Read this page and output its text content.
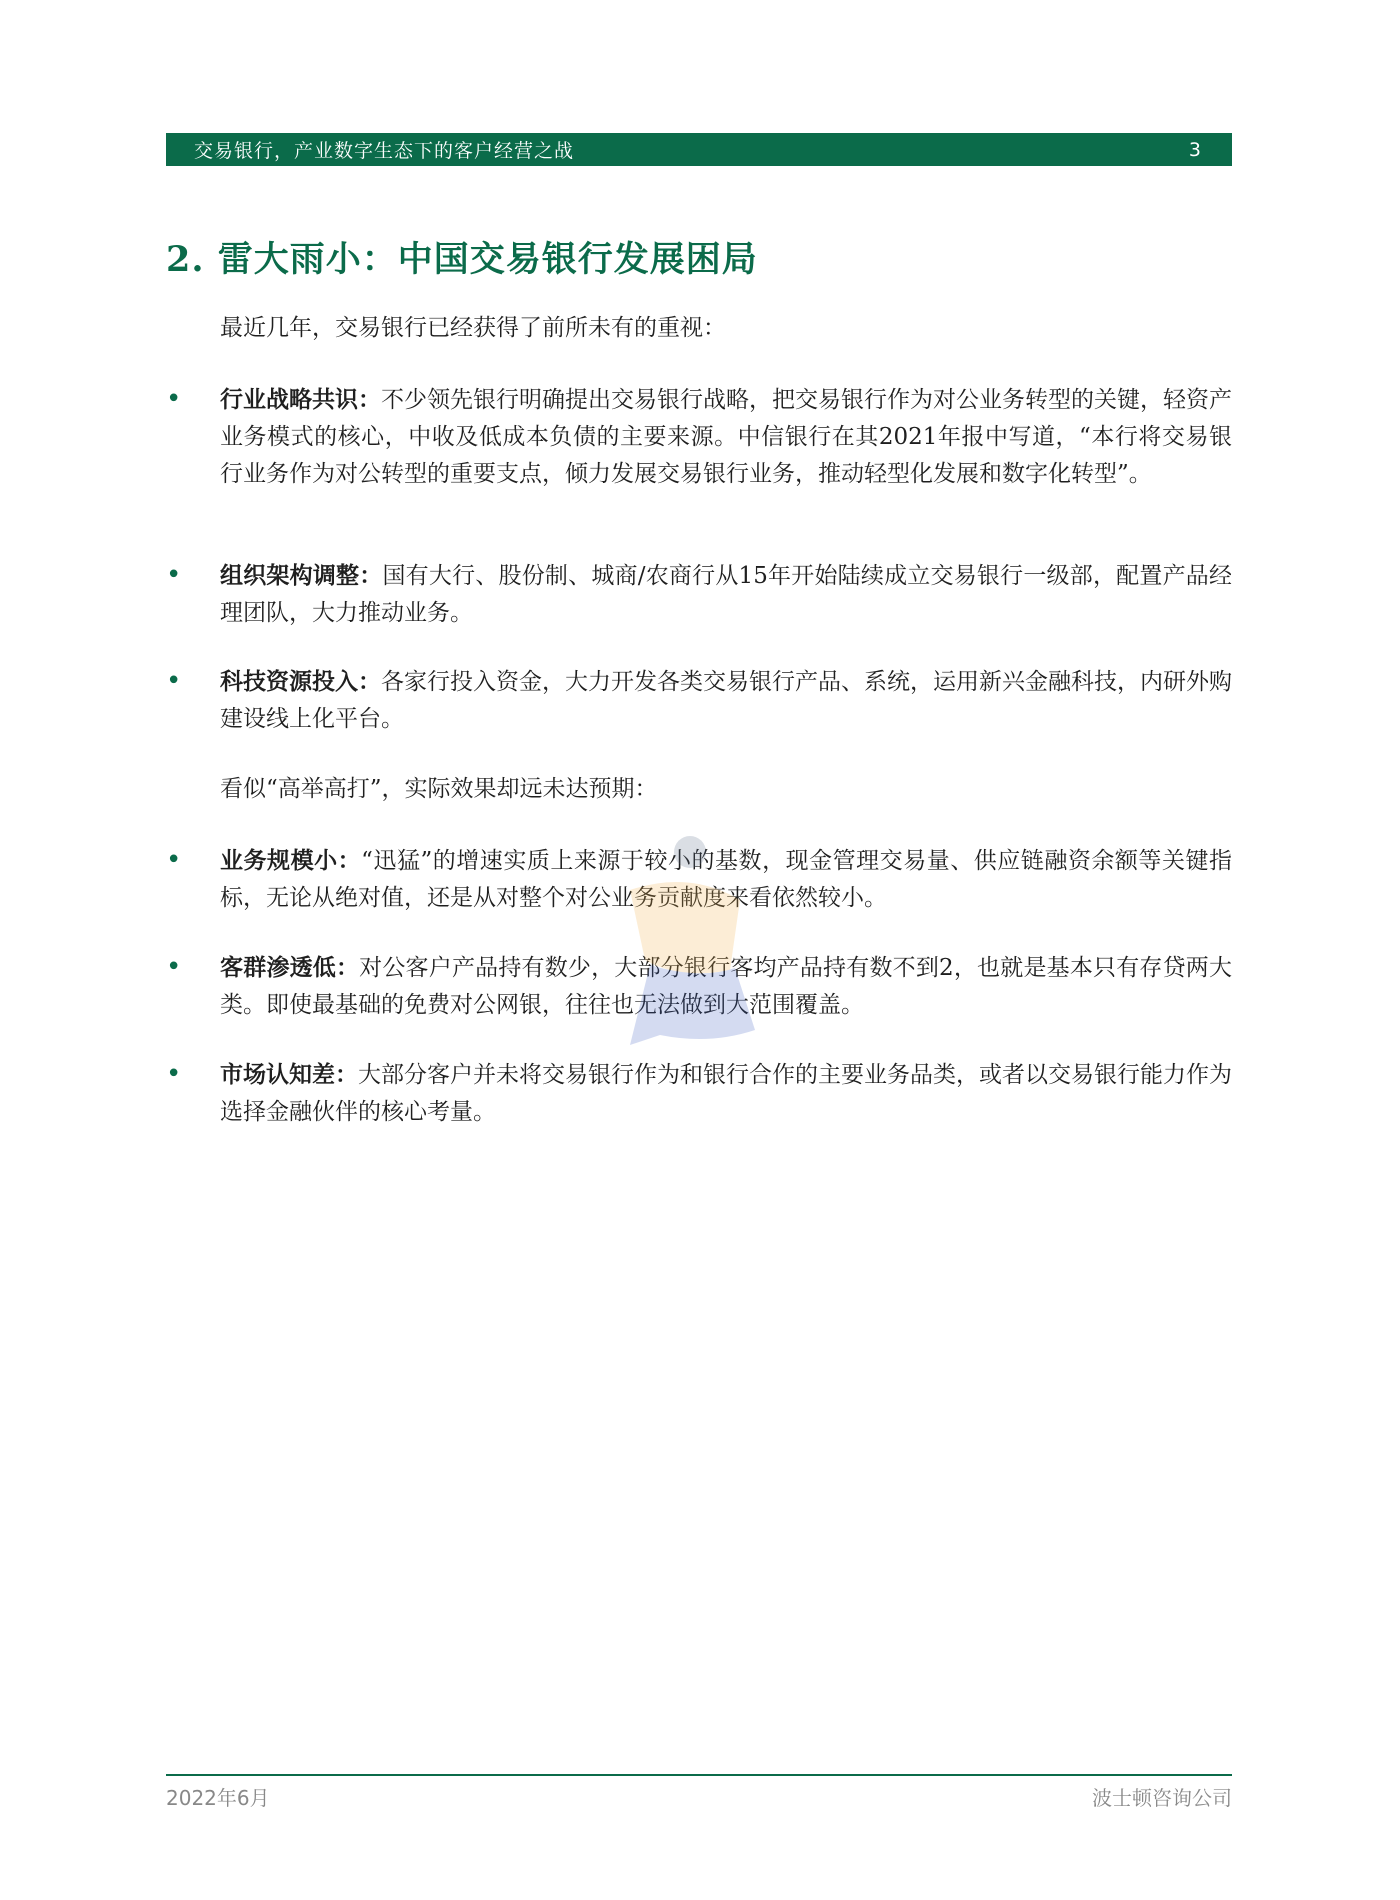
交易银行，产业数字生态下的客户经营之战	3
2. 雷大雨小：中国交易银行发展困局

最近几年，交易银行已经获得了前所未有的重视：

• 行业战略共识：不少领先银行明确提出交易银行战略，把交易银行作为对公业务转型的关键，轻资产业务模式的核心，中收及低成本负债的主要来源。中信银行在其2021年报中写道，“本行将交易银行业务作为对公转型的重要支点，倾力发展交易银行业务，推动轻型化发展和数字化转型”。

• 组织架构调整：国有大行、股份制、城商/农商行从15年开始陆续成立交易银行一级部，配置产品经理团队，大力推动业务。

• 科技资源投入：各家行投入资金，大力开发各类交易银行产品、系统，运用新兴金融科技，内研外购建设线上化平台。

看似“高举高打”，实际效果却远未达预期：

• 业务规模小：“迅猛”的增速实质上来源于较小的基数，现金管理交易量、供应链融资余额等关键指标，无论从绝对值，还是从对整个对公业务贡献度来看依然较小。

• 客群渗透低：对公客户产品持有数少，大部分银行客均产品持有数不到2，也就是基本只有存贷两大类。即使最基础的免费对公网银，往往也无法做到大范围覆盖。

• 市场认知差：大部分客户并未将交易银行作为和银行合作的主要业务品类，或者以交易银行能力作为选择金融伙伴的核心考量。

2022年6月	波士顿咨询公司
